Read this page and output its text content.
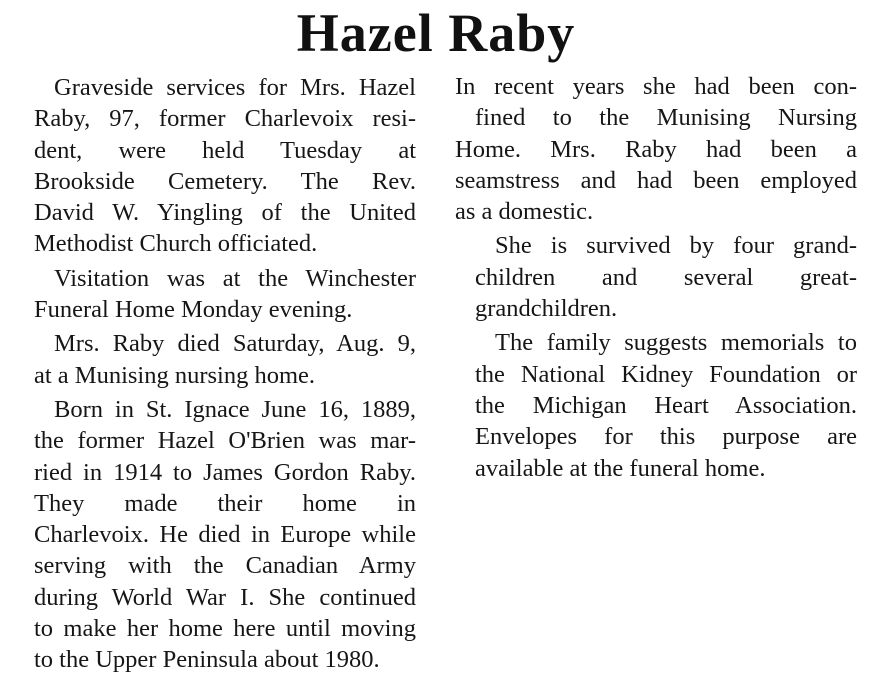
Hazel Raby
Graveside services for Mrs. Hazel
Raby, 97, former Charlevoix resi-
dent, were held Tuesday at
Brookside Cemetery. The Rev.
David W. Yingling of the United
Methodist Church officiated.
Visitation was at the Winchester
Funeral Home Monday evening.
Mrs. Raby died Saturday, Aug. 9,
at a Munising nursing home.
Born in St. Ignace June 16, 1889,
the former Hazel O'Brien was mar-
ried in 1914 to James Gordon Raby.
They made their home in
Charlevoix. He died in Europe while
serving with the Canadian Army
during World War I. She continued
to make her home here until moving
to the Upper Peninsula about 1980.
In recent years she had been con-
fined to the Munising Nursing
Home. Mrs. Raby had been a
seamstress and had been employed
as a domestic.
She is survived by four grand-
children and several great-
grandchildren.
The family suggests memorials to
the National Kidney Foundation or
the Michigan Heart Association.
Envelopes for this purpose are
available at the funeral home.
